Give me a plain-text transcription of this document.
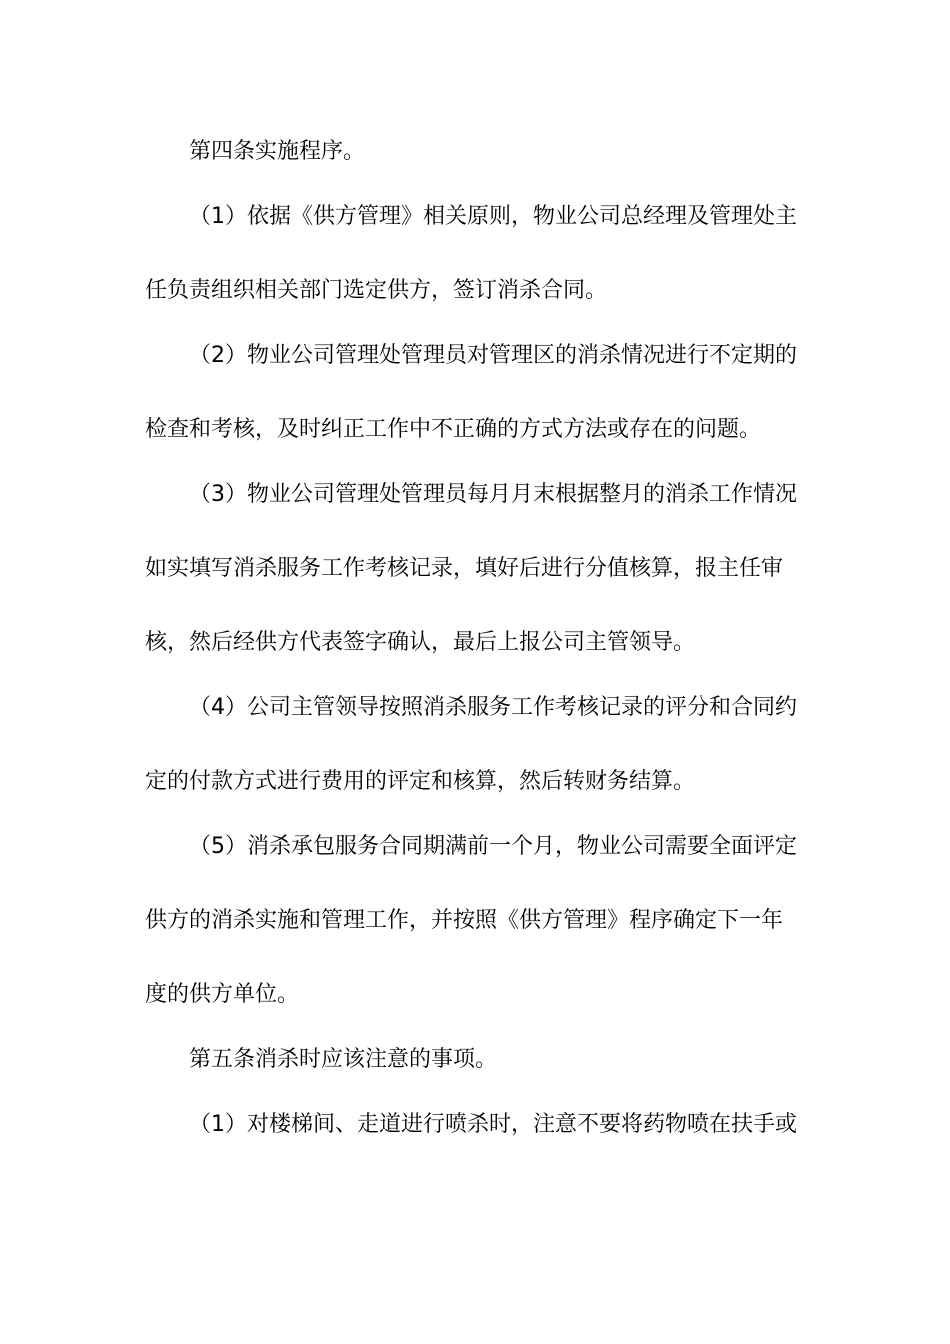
第四条实施程序。
（1）依据《供方管理》相关原则，物业公司总经理及管理处主
任负责组织相关部门选定供方，签订消杀合同。
（2）物业公司管理处管理员对管理区的消杀情况进行不定期的
检查和考核，及时纠正工作中不正确的方式方法或存在的问题。
（3）物业公司管理处管理员每月月末根据整月的消杀工作情况
如实填写消杀服务工作考核记录，填好后进行分值核算，报主任审
核，然后经供方代表签字确认，最后上报公司主管领导。
（4）公司主管领导按照消杀服务工作考核记录的评分和合同约
定的付款方式进行费用的评定和核算，然后转财务结算。
（5）消杀承包服务合同期满前一个月，物业公司需要全面评定
供方的消杀实施和管理工作，并按照《供方管理》程序确定下一年
度的供方单位。
第五条消杀时应该注意的事项。
（1）对楼梯间、走道进行喷杀时，注意不要将药物喷在扶手或
